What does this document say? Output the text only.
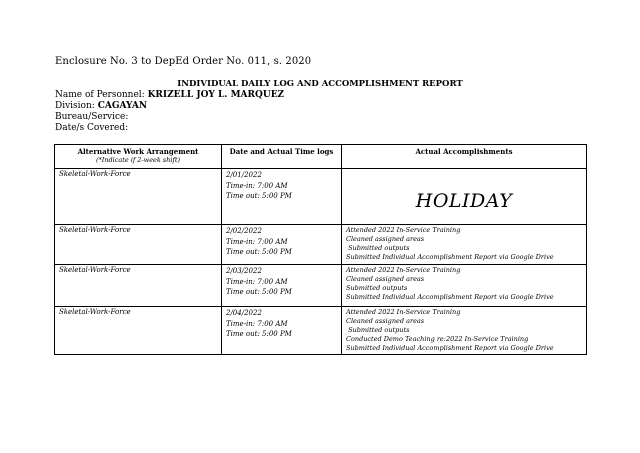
Enclosure No. 3 to DepEd Order No. 011, s. 2020
INDIVIDUAL DAILY LOG AND ACCOMPLISHMENT REPORT
Name of Personnel: KRIZELL JOY L. MARQUEZ
Division: CAGAYAN
Bureau/Service:
Date/s Covered:
Alternative Work Arrangement
(*Indicate if 2-week shift)	Date and Actual Time logs	Actual Accomplishments
Skeletal-Work-Force	2/01/2022
Time-in: 7:00 AM
Time out: 5:00 PM	HOLIDAY

Skeletal-Work-Force	2/02/2022
Time-in: 7:00 AM
Time out: 5:00 PM	Attended 2022 In-Service Training
Cleaned assigned areas
Submitted outputs
Submitted Individual Accomplishment Report via Google Drive

Skeletal-Work-Force	2/03/2022
Time-in: 7:00 AM
Time out: 5:00 PM	Attended 2022 In-Service Training
Cleaned assigned areas
Submitted outputs
Submitted Individual Accomplishment Report via Google Drive

Skeletal-Work-Force	2/04/2022
Time-in: 7:00 AM
Time out: 5:00 PM	Attended 2022 In-Service Training
Cleaned assigned areas
Submitted outputs
Conducted Demo Teaching re:2022 In-Service Training
Submitted Individual Accomplishment Report via Google Drive
